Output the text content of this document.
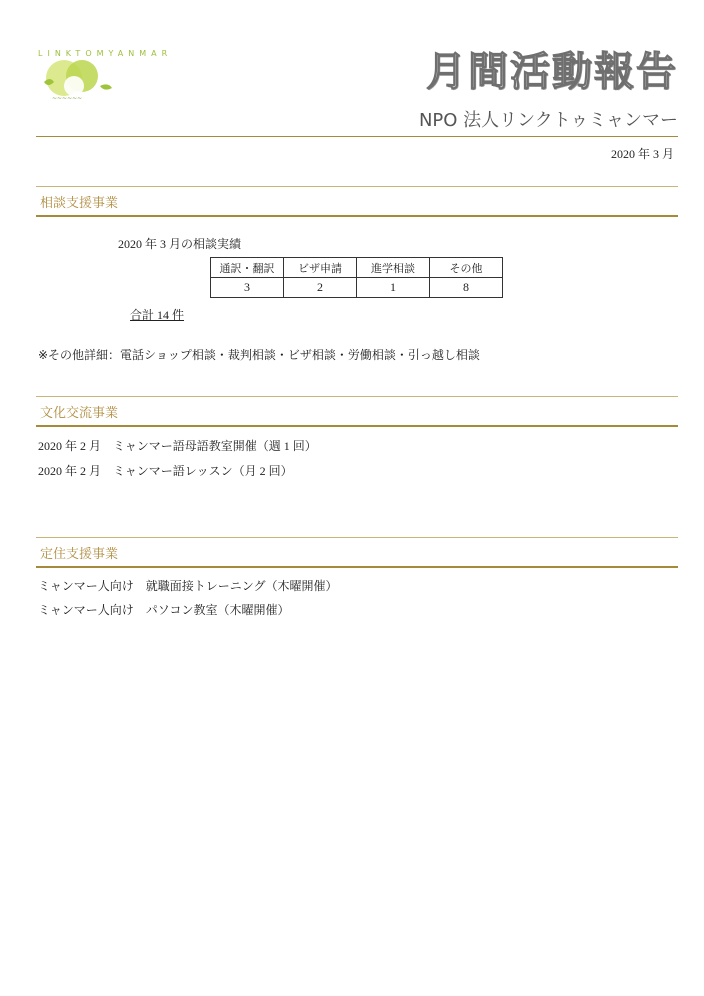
LINKTOMYANMAR
~~~~~~
月間活動報告
NPO 法人リンクトゥミャンマー
2020 年 3 月
相談支援事業
2020 年 3 月の相談実績
通訳・翻訳	ビザ申請	進学相談	その他
3	2	1	8
合計 14 件
※その他詳細：電話ショップ相談・裁判相談・ビザ相談・労働相談・引っ越し相談
文化交流事業
2020 年 2 月　ミャンマー語母語教室開催（週 1 回）
2020 年 2 月　ミャンマー語レッスン（月 2 回）
定住支援事業
ミャンマー人向け　就職面接トレーニング（木曜開催）
ミャンマー人向け　パソコン教室（木曜開催）
